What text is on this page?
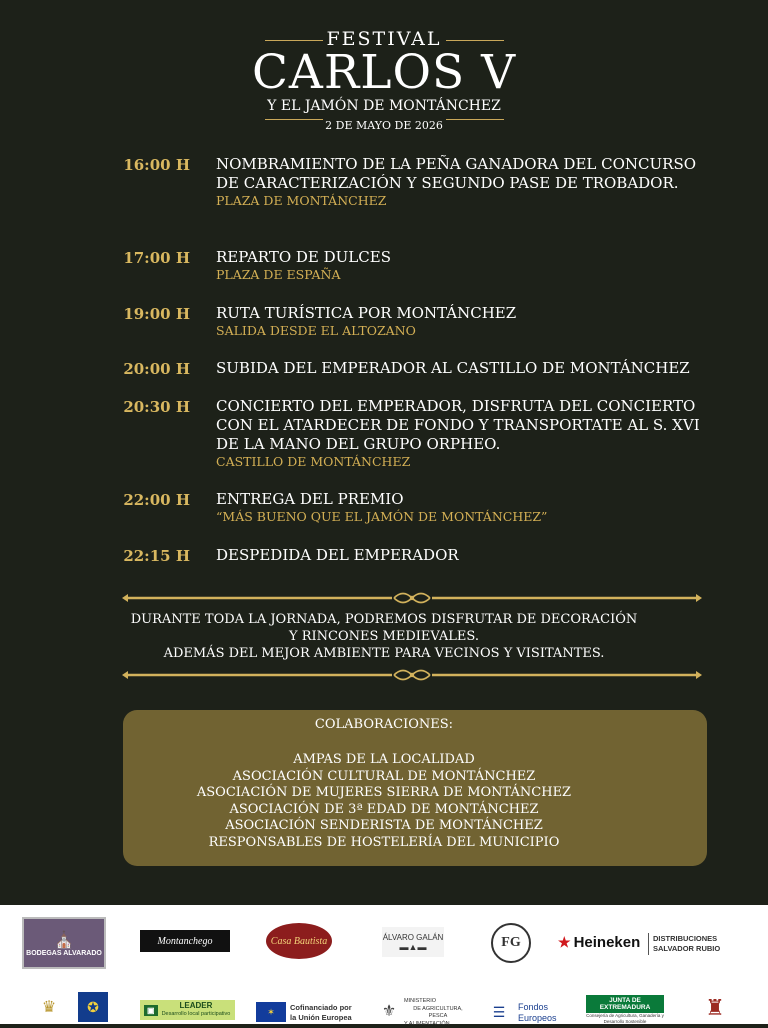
FESTIVAL
CARLOS V
Y EL JAMÓN DE MONTÁNCHEZ
2 DE MAYO DE 2026
16:00 H NOMBRAMIENTO DE LA PEÑA GANADORA DEL CONCURSO DE CARACTERIZACIÓN Y SEGUNDO PASE DE TROBADOR.
PLAZA DE MONTÁNCHEZ
17:00 H REPARTO DE DULCES
PLAZA DE ESPAÑA
19:00 H RUTA TURÍSTICA POR MONTÁNCHEZ
SALIDA DESDE EL ALTOZANO
20:00 H SUBIDA DEL EMPERADOR AL CASTILLO DE MONTÁNCHEZ
20:30 H CONCIERTO DEL EMPERADOR, DISFRUTA DEL CONCIERTO CON EL ATARDECER DE FONDO Y TRANSPORTATE AL S. XVI DE LA MANO DEL GRUPO ORPHEO.
CASTILLO DE MONTÁNCHEZ
22:00 H ENTREGA DEL PREMIO
“MÁS BUENO QUE EL JAMÓN DE MONTÁNCHEZ”
22:15 H DESPEDIDA DEL EMPERADOR
DURANTE TODA LA JORNADA, PODREMOS DISFRUTAR DE DECORACIÓN
Y RINCONES MEDIEVALES.
ADEMÁS DEL MEJOR AMBIENTE PARA VECINOS Y VISITANTES.
COLABORACIONES:
AMPAS DE LA LOCALIDAD
ASOCIACIÓN CULTURAL DE MONTÁNCHEZ
ASOCIACIÓN DE MUJERES SIERRA DE MONTÁNCHEZ
ASOCIACIÓN DE 3ª EDAD DE MONTÁNCHEZ
ASOCIACIÓN SENDERISTA DE MONTÁNCHEZ
RESPONSABLES DE HOSTELERÍA DEL MUNICIPIO
⛪
BODEGAS ALVARADO
Montanchego	Casa Bautista	ÁLVARO GALÁN
▬▲▬	FG	★ Heineken DISTRIBUCIONES
SALVADOR RUBIO
♛	✪	▣	LEADER
Desarrollo local participativo	✶	Cofinanciado por
la Unión Europea ⚜
MINISTERIO
DE AGRICULTURA, PESCA
Y ALIMENTACIÓN
☰	Fondos
Europeos
JUNTA DE EXTREMADURA
Consejería de Agricultura, Ganadería y Desarrollo Sostenible
♜
